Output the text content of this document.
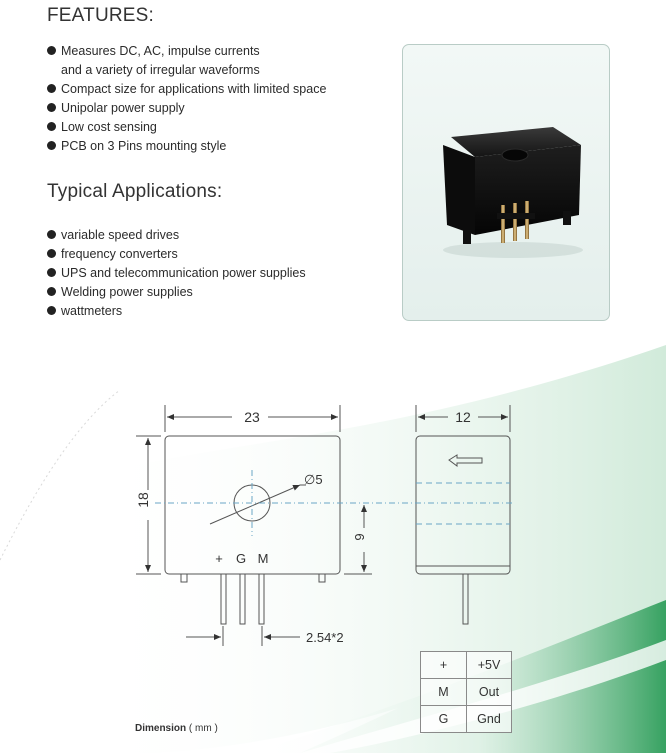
FEATURES:
Measures DC, AC, impulse currents
and a variety of irregular waveforms
Compact size for applications with limited space
Unipolar power supply
Low cost sensing
PCB on 3 Pins mounting style
Typical Applications:
variable speed drives
frequency converters
UPS and telecommunication power supplies
Welding power supplies
wattmeters
23	12
18
9
∅5
2.54*2
+ G M
+	+5V
M	Out
G	Gnd
Dimension ( mm )
